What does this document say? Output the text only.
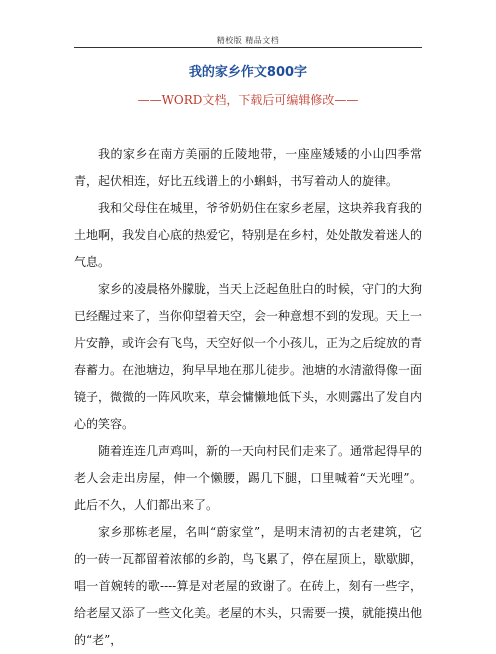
精校版 精品文档
我的家乡作文800字
——WORD文档，下载后可编辑修改——

我的家乡在南方美丽的丘陵地带，一座座矮矮的小山四季常青，起伏相连，好比五线谱上的小蝌蚪，书写着动人的旋律。

我和父母住在城里，爷爷奶奶住在家乡老屋，这块养我育我的土地啊，我发自心底的热爱它，特别是在乡村，处处散发着迷人的气息。

家乡的凌晨格外朦胧，当天上泛起鱼肚白的时候，守门的大狗已经醒过来了，当你仰望着天空，会一种意想不到的发现。天上一片安静，或许会有飞鸟，天空好似一个小孩儿，正为之后绽放的青春蓄力。在池塘边，狗早早地在那儿徒步。池塘的水清澈得像一面镜子，微微的一阵风吹来，草会慵懒地低下头，水则露出了发自内心的笑容。

随着连连几声鸡叫，新的一天向村民们走来了。通常起得早的老人会走出房屋，伸一个懒腰，踢几下腿，口里喊着“天光哩”。此后不久，人们都出来了。

家乡那栋老屋，名叫“蔚家堂”，是明末清初的古老建筑，它的一砖一瓦都留着浓郁的乡韵，鸟飞累了，停在屋顶上，歇歇脚，唱一首婉转的歌----算是对老屋的致谢了。在砖上，刻有一些字，给老屋又添了一些文化美。老屋的木头，只需要一摸，就能摸出他的“老”，
